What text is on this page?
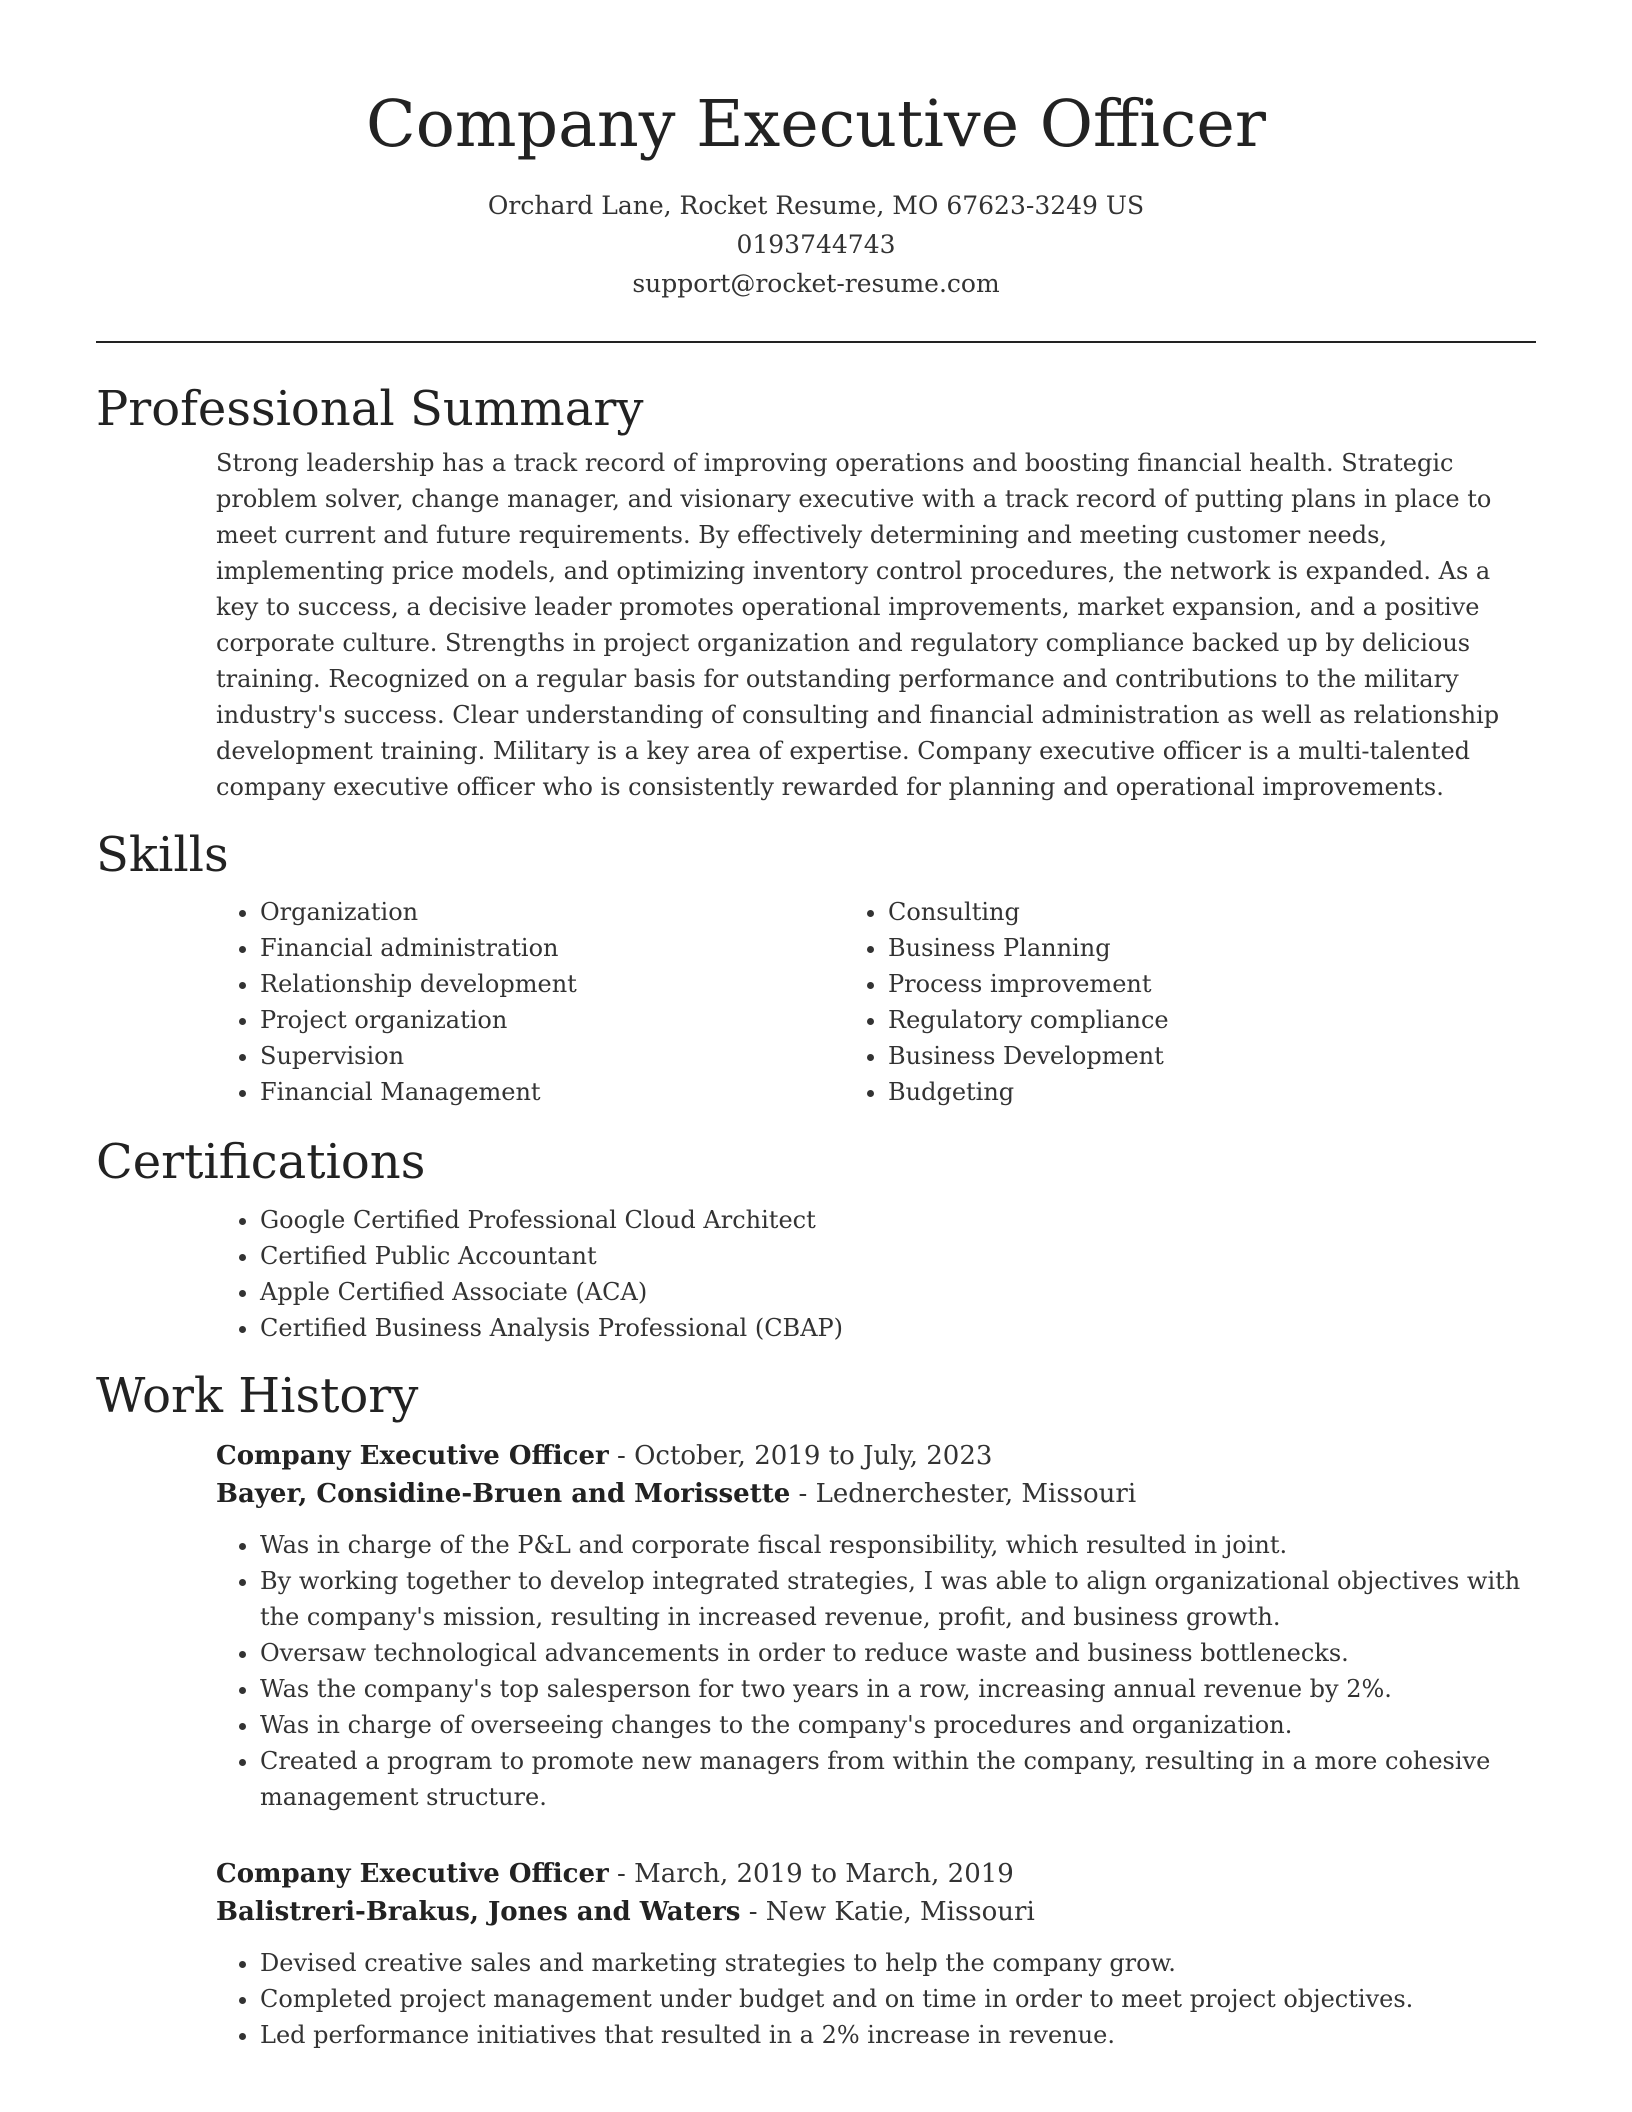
Company Executive Officer
Orchard Lane, Rocket Resume, MO 67623-3249 US
0193744743
support@rocket-resume.com
Professional Summary
Strong leadership has a track record of improving operations and boosting financial health. Strategic problem solver, change manager, and visionary executive with a track record of putting plans in place to meet current and future requirements. By effectively determining and meeting customer needs, implementing price models, and optimizing inventory control procedures, the network is expanded. As a key to success, a decisive leader promotes operational improvements, market expansion, and a positive corporate culture. Strengths in project organization and regulatory compliance backed up by delicious training. Recognized on a regular basis for outstanding performance and contributions to the military industry's success. Clear understanding of consulting and financial administration as well as relationship development training. Military is a key area of expertise. Company executive officer is a multi-talented company executive officer who is consistently rewarded for planning and operational improvements.
Skills
• Organization
• Financial administration
• Relationship development
• Project organization
• Supervision
• Financial Management
• Consulting
• Business Planning
• Process improvement
• Regulatory compliance
• Business Development
• Budgeting
Certifications
• Google Certified Professional Cloud Architect
• Certified Public Accountant
• Apple Certified Associate (ACA)
• Certified Business Analysis Professional (CBAP)
Work History
Company Executive Officer - October, 2019 to July, 2023
Bayer, Considine-Bruen and Morissette - Lednerchester, Missouri
• Was in charge of the P&L and corporate fiscal responsibility, which resulted in joint.
• By working together to develop integrated strategies, I was able to align organizational objectives with the company's mission, resulting in increased revenue, profit, and business growth.
• Oversaw technological advancements in order to reduce waste and business bottlenecks.
• Was the company's top salesperson for two years in a row, increasing annual revenue by 2%.
• Was in charge of overseeing changes to the company's procedures and organization.
• Created a program to promote new managers from within the company, resulting in a more cohesive management structure.
Company Executive Officer - March, 2019 to March, 2019
Balistreri-Brakus, Jones and Waters - New Katie, Missouri
• Devised creative sales and marketing strategies to help the company grow.
• Completed project management under budget and on time in order to meet project objectives.
• Led performance initiatives that resulted in a 2% increase in revenue.
